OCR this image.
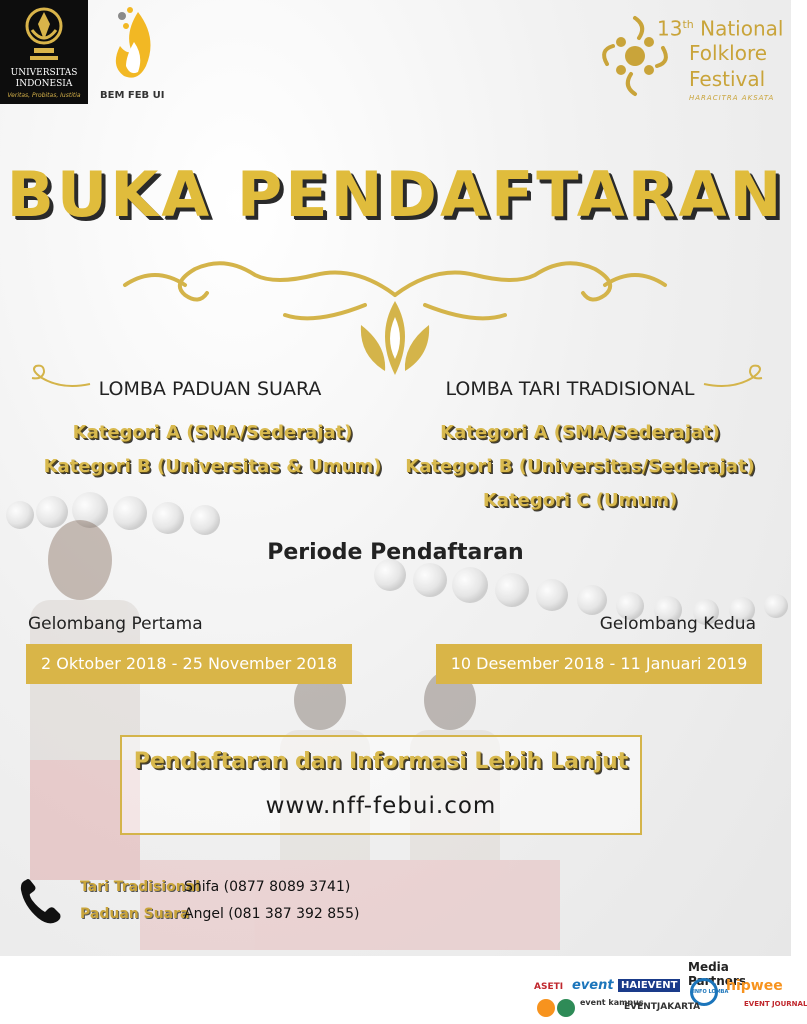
UNIVERSITAS
INDONESIA
Veritas, Probitas, Iustitia	BEM FEB UI
13th National
Folklore
Festival
HARACITRA AKSATA
BUKA PENDAFTARAN
LOMBA PADUAN SUARA
Kategori A (SMA/Sederajat)
Kategori B (Universitas & Umum)
LOMBA TARI TRADISIONAL
Kategori A (SMA/Sederajat)
Kategori B (Universitas/Sederajat)
Kategori C (Umum)
Periode Pendaftaran
Gelombang Pertama
2 Oktober 2018 - 25 November 2018
Gelombang Kedua
10 Desember 2018 - 11 Januari 2019
Pendaftaran dan Informasi Lebih Lanjut
www.nff-febui.com
Tari Tradisional
Shifa (0877 8089 3741)
Paduan Suara
Angel (081 387 392 855)
Media Partners
ASETI event HAIEVENT
INFO LOMBA
hipwee
event kampus
EVENTJAKARTA	EVENT JOURNAL
